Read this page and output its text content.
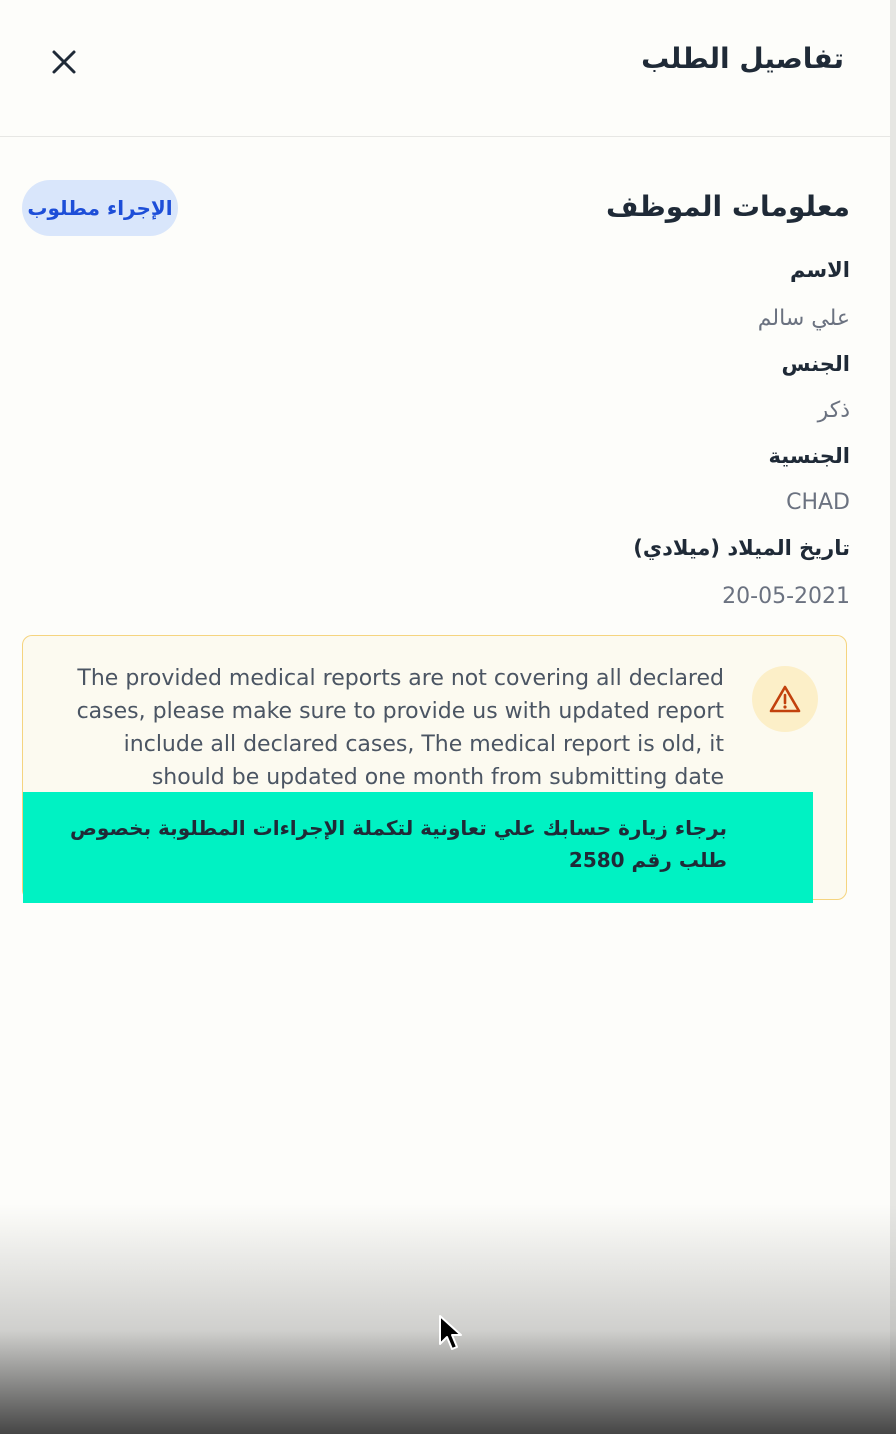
تفاصيل الطلب
معلومات الموظف
الإجراء مطلوب
الاسم
علي سالم
الجنس
ذكر
الجنسية
CHAD
تاريخ الميلاد (ميلادي)
20-05-2021
The provided medical reports are not covering all declared cases, please make sure to provide us with updated report include all declared cases, The medical report is old, it should be updated one month from submitting date
برجاء زيارة حسابك علي تعاونية لتكملة الإجراءات المطلوبة بخصوص طلب رقم 2580
